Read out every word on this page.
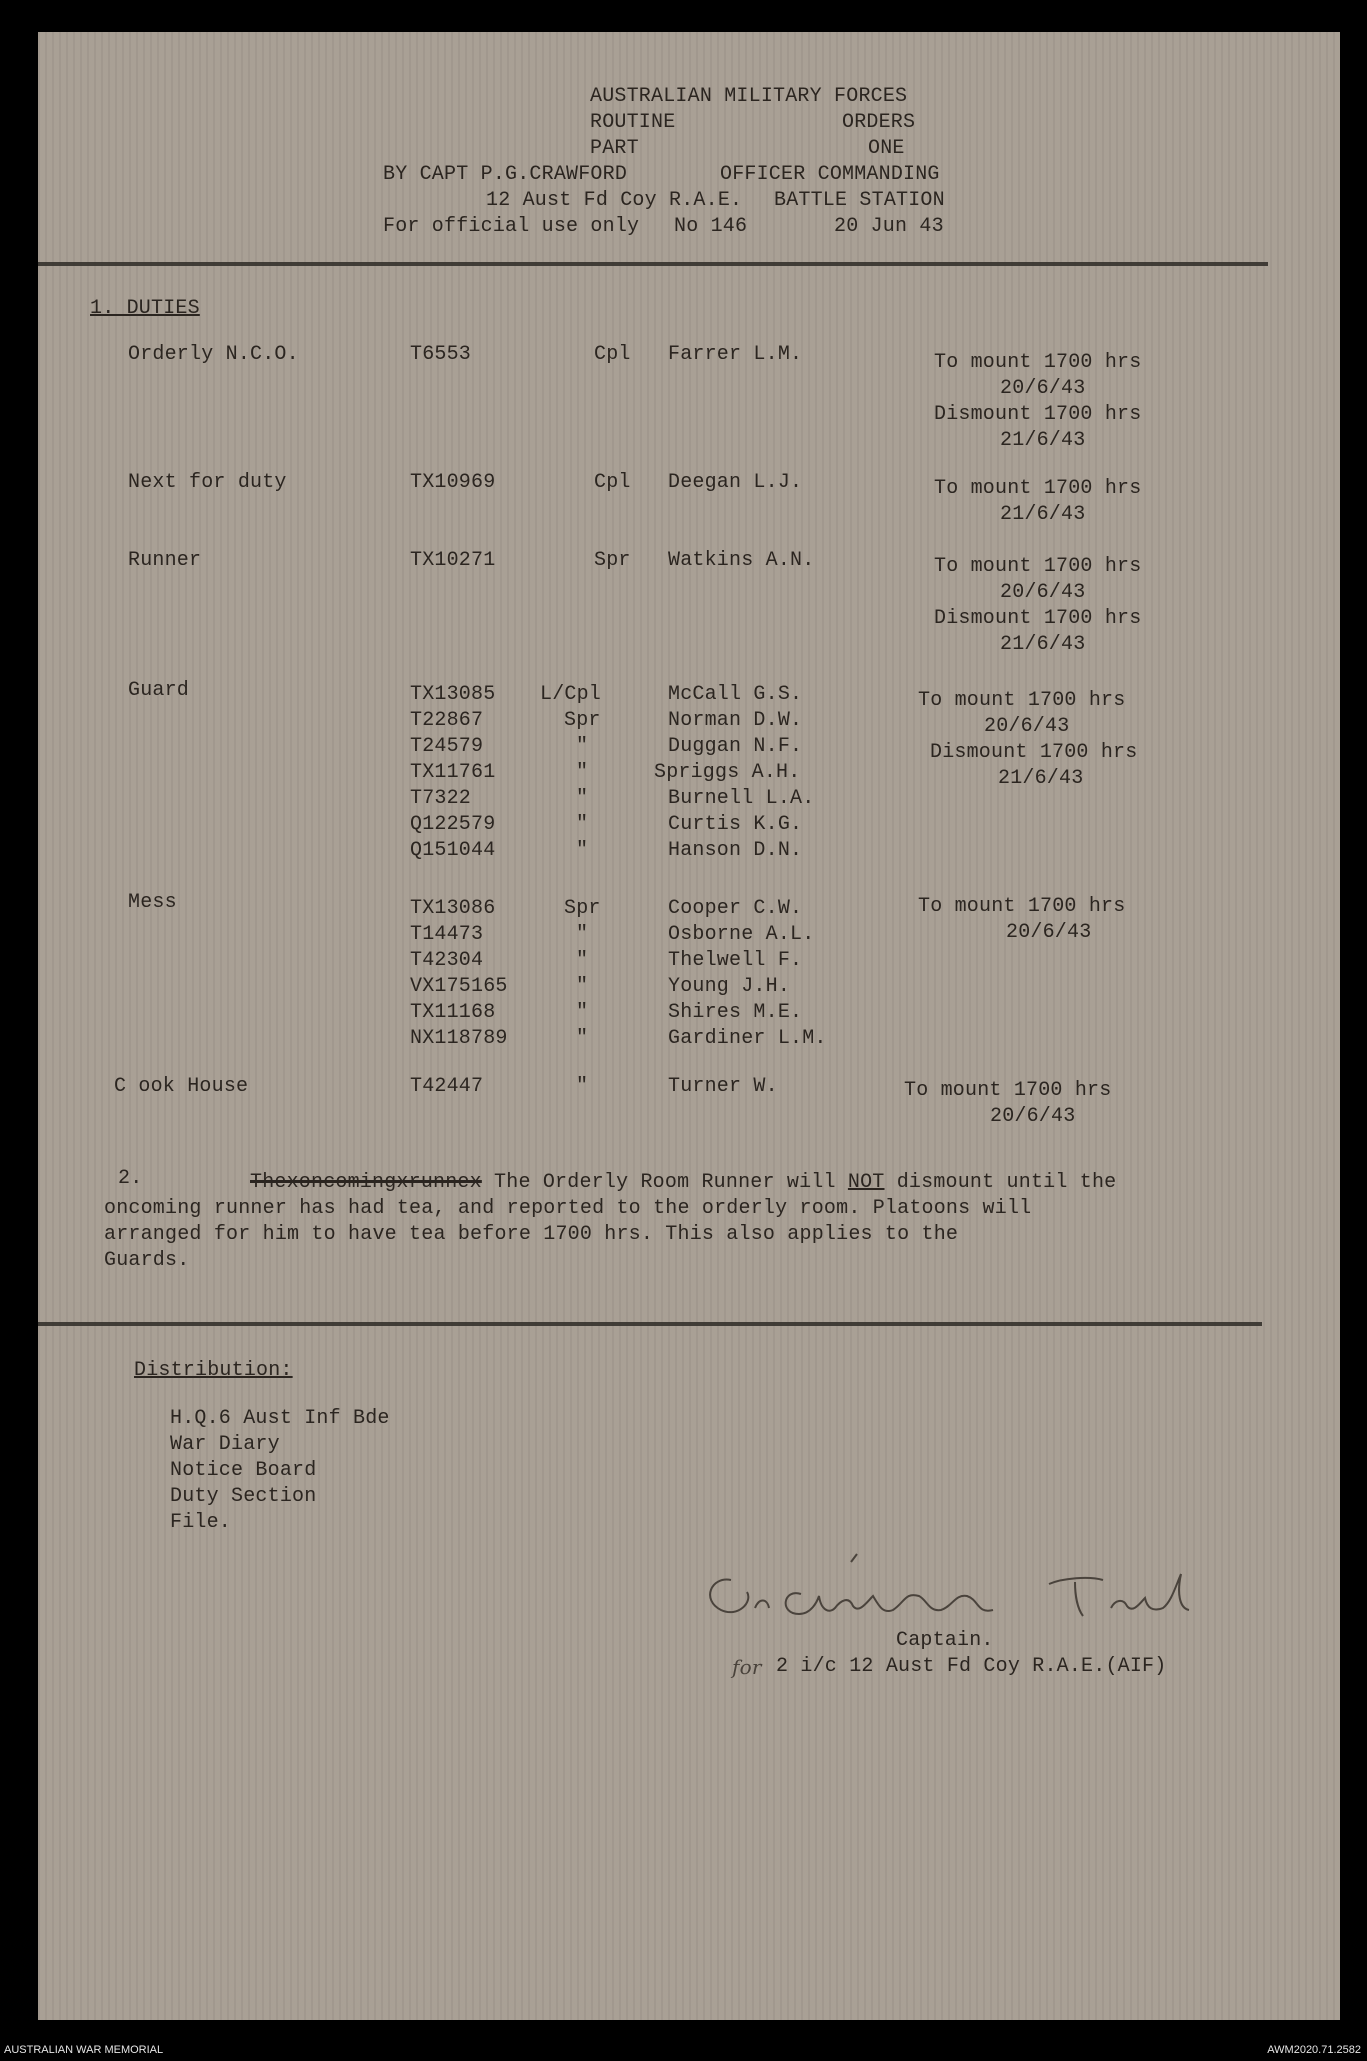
AUSTRALIAN MILITARY FORCES
ROUTINE	ORDERS
PART	ONE
BY CAPT P.G.CRAWFORD	OFFICER COMMANDING
12 Aust Fd Coy R.A.E. BATTLE STATION
For official use only No 146	20 Jun 43
1. DUTIES
Orderly N.C.O.	T6553	Cpl Farrer L.M.	To mount 1700 hrs
20/6/43
Dismount 1700 hrs
21/6/43
Next for duty	TX10969	Cpl Deegan L.J.	To mount 1700 hrs
21/6/43
Runner	TX10271	Spr Watkins A.N.	To mount 1700 hrs
20/6/43
Dismount 1700 hrs
21/6/43
Guard	TX13085 L/Cpl	McCall G.S.
T22867	Spr	Norman D.W.
T24579	"	Duggan N.F.
TX11761	"	Spriggs A.H.
T7322	"	Burnell L.A.
Q122579	"	Curtis K.G.
Q151044	"	Hanson D.N.
To mount 1700 hrs
20/6/43
Dismount 1700 hrs
21/6/43
Mess	TX13086	Spr	Cooper C.W.
T14473	"	Osborne A.L.
T42304	"	Thelwell F.
VX175165	"	Young J.H.
TX11168	"	Shires M.E.
NX118789	"	Gardiner L.M.
To mount 1700 hrs
20/6/43
C ook House	T42447	"	Turner W.	To mount 1700 hrs
20/6/43
2.	Thexoncomingxrunnex The Orderly Room Runner will NOT dismount until the
oncoming runner has had tea, and reported to the orderly room. Platoons will
arranged for him to have tea before 1700 hrs. This also applies to the
Guards.
Distribution:
H.Q.6 Aust Inf Bde
War Diary
Notice Board
Duty Section
File.
Captain.
for 2 i/c 12 Aust Fd Coy R.A.E.(AIF)
AUSTRALIAN WAR MEMORIAL	AWM2020.71.2582
